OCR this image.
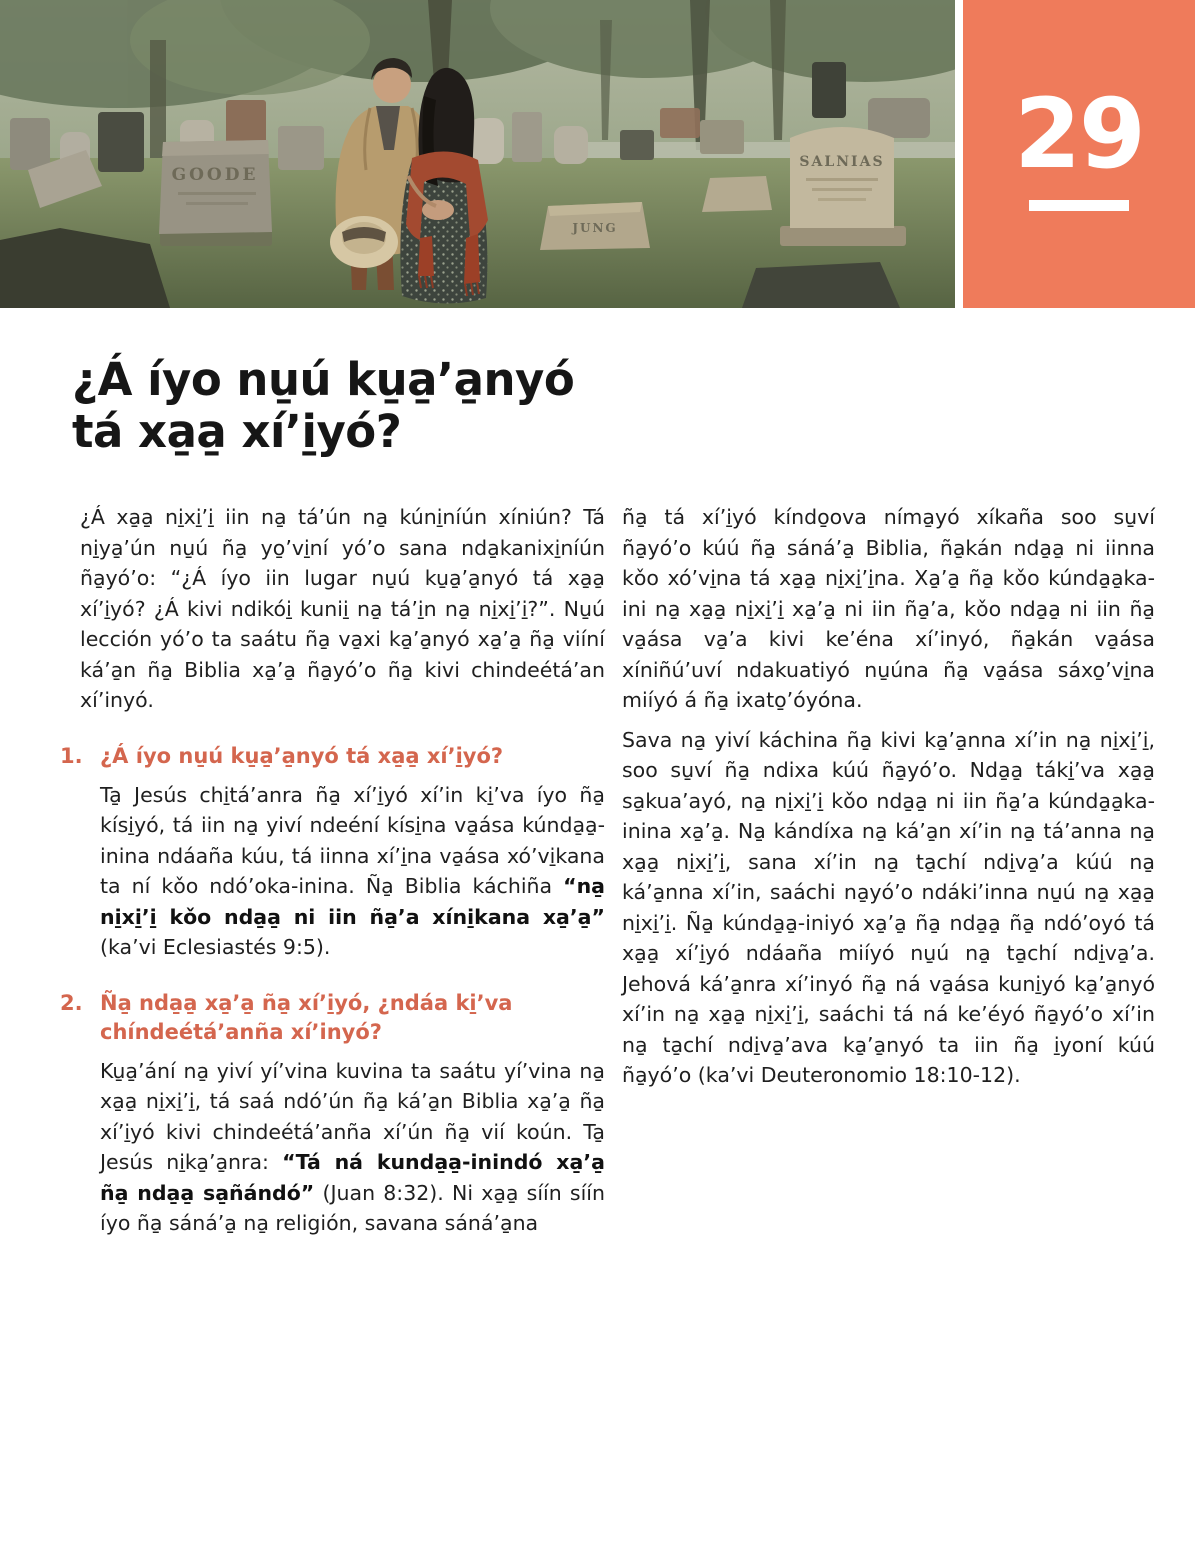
GOODE
JUNG
SALNIAS 29
¿Á íyo nu̱ú ku̱a̱’a̱nyó
tá xa̱a̱ xí’i̱yó?

¿Á xa̱a̱ ni̱xi̱’i̱ iin na̱ tá’ún na̱ kúni̱níún xíniún? Tá ni̱ya̱’ún nu̱ú ña̱ yo̱’vi̱ní yó’o sana nda̱kanixi̱níún ña̱yó’o: “¿Á íyo iin lugar nu̱ú ku̱a̱’a̱nyó tá xa̱a̱ xí’i̱yó? ¿Á kivi ndikói̱ kunii̱ na̱ tá’i̱n na̱ ni̱xi̱’i̱?”. Nu̱ú lección yó’o ta saátu ña̱ va̱xi ka̱’a̱nyó xa̱’a̱ ña̱ viíní ká’a̱n ña̱ Biblia xa̱’a̱ ña̱yó’o ña̱ kivi chindeétá’an xí’inyó.

1. ¿Á íyo nu̱ú ku̱a̱’a̱nyó tá xa̱a̱ xí’i̱yó?

Ta̱ Jesús chi̱tá’anra ña̱ xí’i̱yó xí’in ki̱’va íyo ña̱ kísi̱yó, tá iin na̱ yiví ndeéní kísi̱na va̱ása kúnda̱a̱-inina ndáaña kúu, tá iinna xí’i̱na va̱ása xó’vi̱kana ta ní kǒo ndó’oka-inina. Ña̱ Biblia káchiña “na̱ ni̱xi̱’i̱ kǒo nda̱a̱ ni iin ña̱’a xíni̱kana xa̱’a̱” (ka’vi Eclesiastés 9:5).

2. Ña̱ nda̱a̱ xa̱’a̱ ña̱ xí’i̱yó, ¿ndáa ki̱’va chíndeétá’anña xí’inyó?

Ku̱a̱’ání na̱ yiví yí’vina kuvina ta saátu yí’vina na̱ xa̱a̱ ni̱xi̱’i̱, tá saá ndó’ún ña̱ ká’a̱n Biblia xa̱’a̱ ña̱ xí’i̱yó kivi chindeétá’anña xí’ún ña̱ vií koún. Ta̱ Jesús ni̱ka̱’a̱nra: “Tá ná kunda̱a̱-inindó xa̱’a̱ ña̱ nda̱a̱ sa̱ñándó” (Juan 8:32). Ni xa̱a̱ síín síín íyo ña̱ sáná’a̱ na̱ religión, savana sáná’a̱na

ña̱ tá xí’i̱yó kíndo̱ova níma̱yó xíkaña soo su̱ví ña̱yó’o kúú ña̱ sáná’a̱ Biblia, ña̱kán nda̱a̱ ni iinna kǒo xó’vi̱na tá xa̱a̱ ni̱xi̱’i̱na. Xa̱’a̱ ña̱ kǒo kúnda̱a̱ka-ini na̱ xa̱a̱ ni̱xi̱’i̱ xa̱’a̱ ni iin ña̱’a, kǒo nda̱a̱ ni iin ña̱ va̱ása va̱’a kivi ke’éna xí’inyó, ña̱kán va̱ása xíniñú’uví ndakuatiyó nu̱úna ña̱ va̱ása sáxo̱’vi̱na miíyó á ña̱ ixato̱’óyóna.

Sava na̱ yiví káchina ña̱ kivi ka̱’a̱nna xí’in na̱ ni̱xi̱’i̱, soo su̱ví ña̱ ndixa kúú ña̱yó’o. Nda̱a̱ táki̱’va xa̱a̱ sa̱kua’ayó, na̱ ni̱xi̱’i̱ kǒo nda̱a̱ ni iin ña̱’a kúnda̱a̱ka-inina xa̱’a̱. Na̱ kándíxa na̱ ká’a̱n xí’in na̱ tá’anna na̱ xa̱a̱ ni̱xi̱’i̱, sana xí’in na̱ ta̱chí ndi̱va̱’a kúú na̱ ká’a̱nna xí’in, saáchi na̱yó’o ndáki’inna nu̱ú na̱ xa̱a̱ ni̱xi̱’i̱. Ña̱ kúnda̱a̱-iniyó xa̱’a̱ ña̱ nda̱a̱ ña̱ ndó’oyó tá xa̱a̱ xí’i̱yó ndáaña miíyó nu̱ú na̱ ta̱chí ndi̱va̱’a. Jehová ká’a̱nra xí’inyó ña̱ ná va̱ása kuni̱yó ka̱’a̱nyó xí’in na̱ xa̱a̱ ni̱xi̱’i̱, saáchi tá ná ke’éyó ña̱yó’o xí’in na̱ ta̱chí ndi̱va̱’ava ka̱’a̱nyó ta iin ña̱ i̱yoní kúú ña̱yó’o (ka’vi Deuteronomio 18:10-12).
